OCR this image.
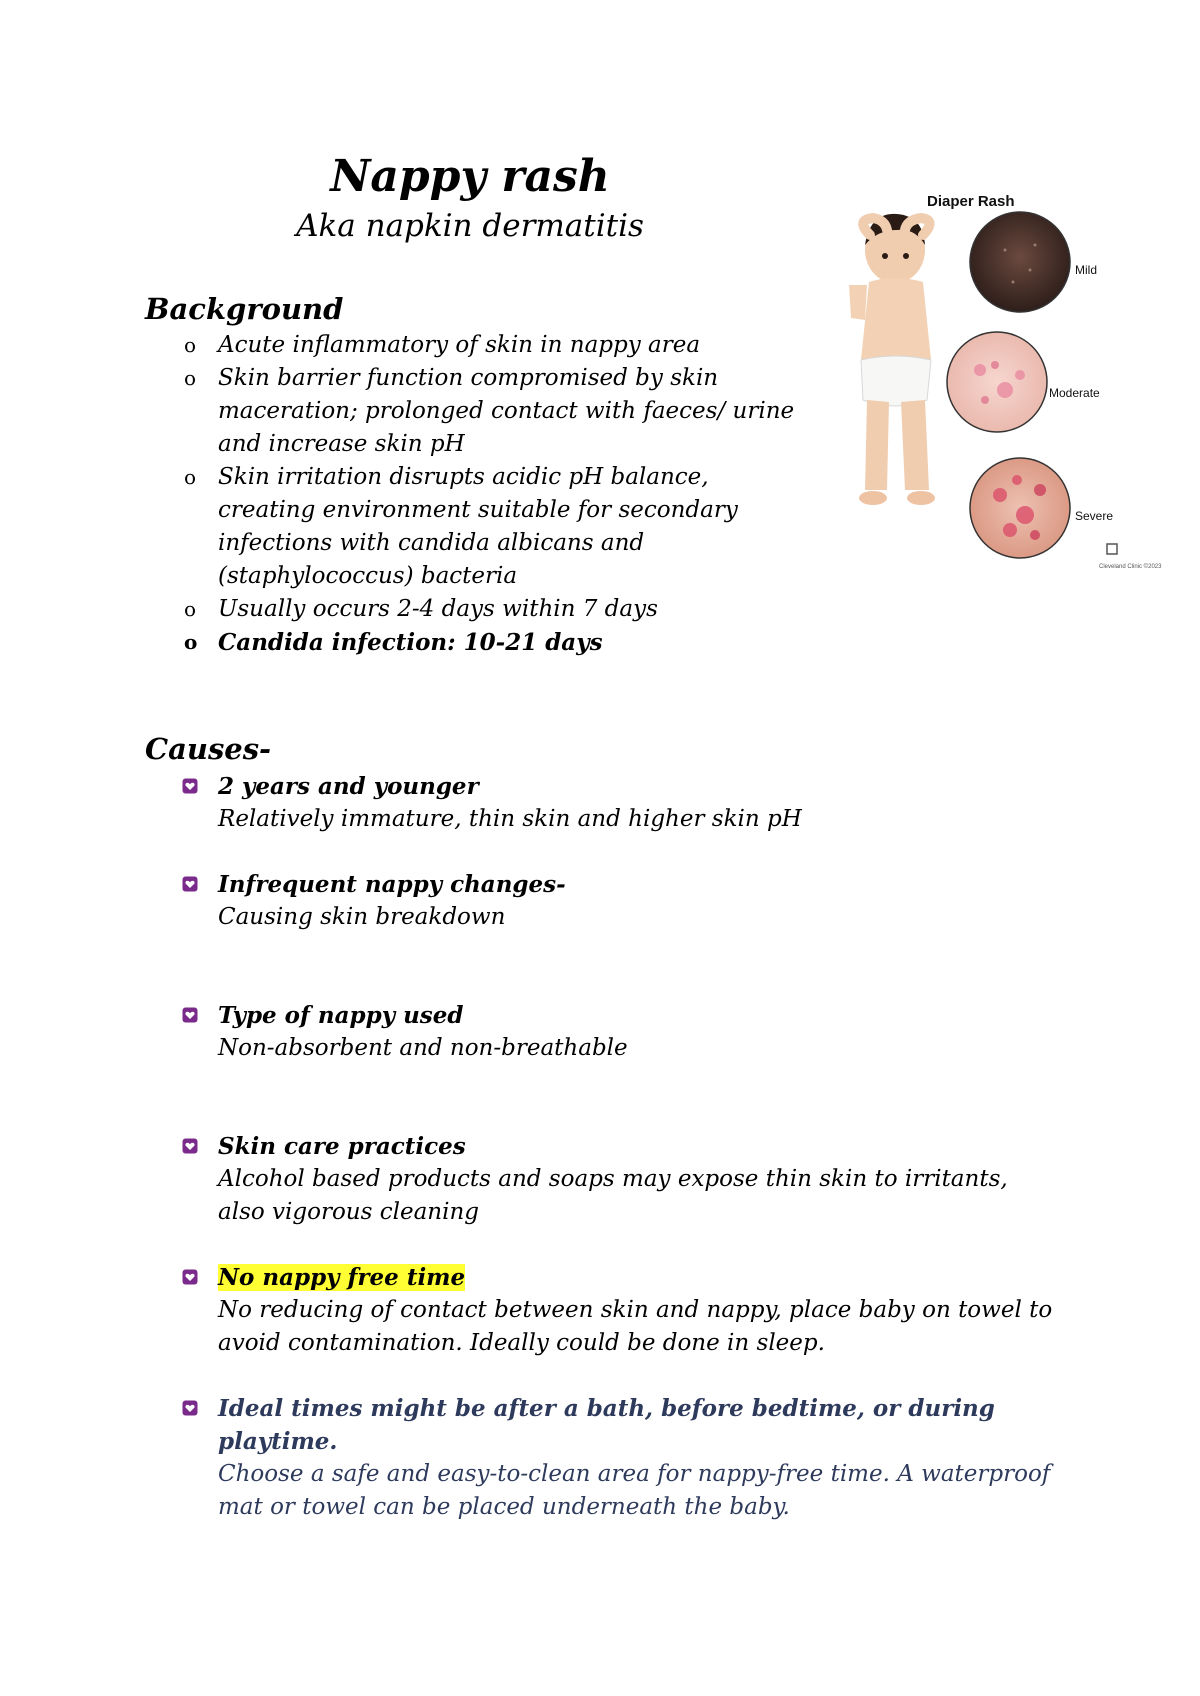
Nappy rash
Aka napkin dermatitis
Background
o Acute inflammatory of skin in nappy area
o Skin barrier function compromised by skin maceration; prolonged contact with faeces/ urine and increase skin pH
o Skin irritation disrupts acidic pH balance, creating environment suitable for secondary infections with candida albicans and (staphylococcus) bacteria
o Usually occurs 2-4 days within 7 days
o Candida infection: 10-21 days
Causes-
2 years and younger
Relatively immature, thin skin and higher skin pH
Infrequent nappy changes-
Causing skin breakdown
Type of nappy used
Non-absorbent and non-breathable
Skin care practices
Alcohol based products and soaps may expose thin skin to irritants, also vigorous cleaning
No nappy free time
No reducing of contact between skin and nappy, place baby on towel to avoid contamination. Ideally could be done in sleep.
Ideal times might be after a bath, before bedtime, or during playtime.
Choose a safe and easy-to-clean area for nappy-free time. A waterproof mat or towel can be placed underneath the baby.
Diaper Rash
Mild
Moderate
Severe
Cleveland Clinic ©2023
